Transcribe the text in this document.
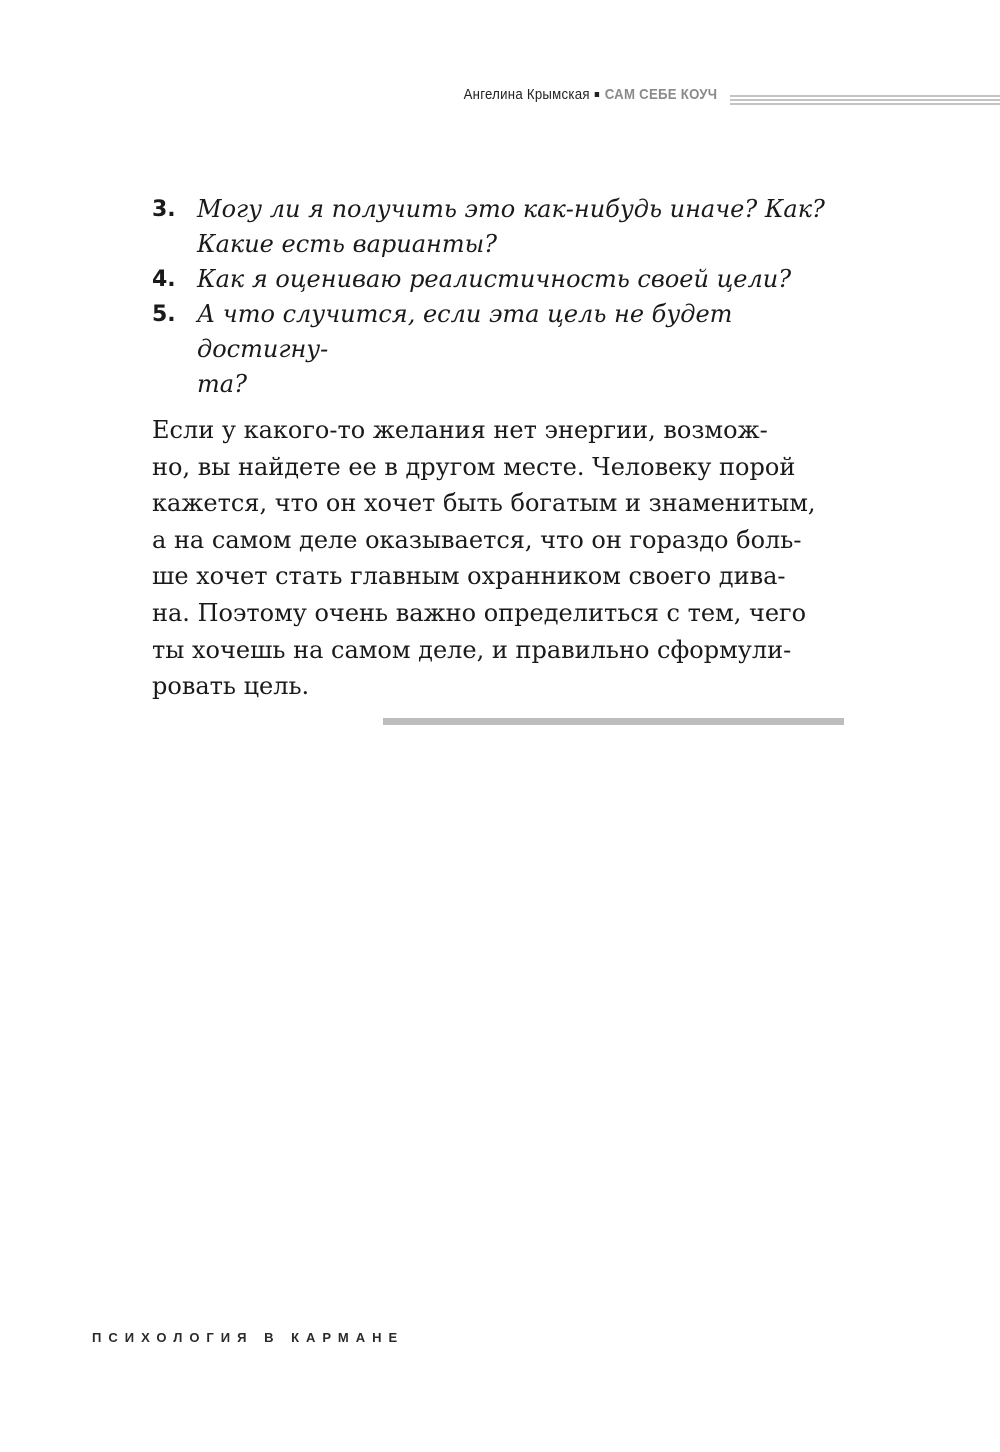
Ангелина Крымская САМ СЕБЕ КОУЧ
3. Могу ли я получить это как-нибудь иначе? Как?
Какие есть варианты?
4. Как я оцениваю реалистичность своей цели?
5. А что случится, если эта цель не будет достигну-
та?

Если у какого-то желания нет энергии, возмож-
но, вы найдете ее в другом месте. Человеку порой
кажется, что он хочет быть богатым и знаменитым,
а на самом деле оказывается, что он гораздо боль-
ше хочет стать главным охранником своего дива-
на. Поэтому очень важно определиться с тем, чего
ты хочешь на самом деле, и правильно сформули-
ровать цель.

ПСИХОЛОГИЯ В КАРМАНЕ
